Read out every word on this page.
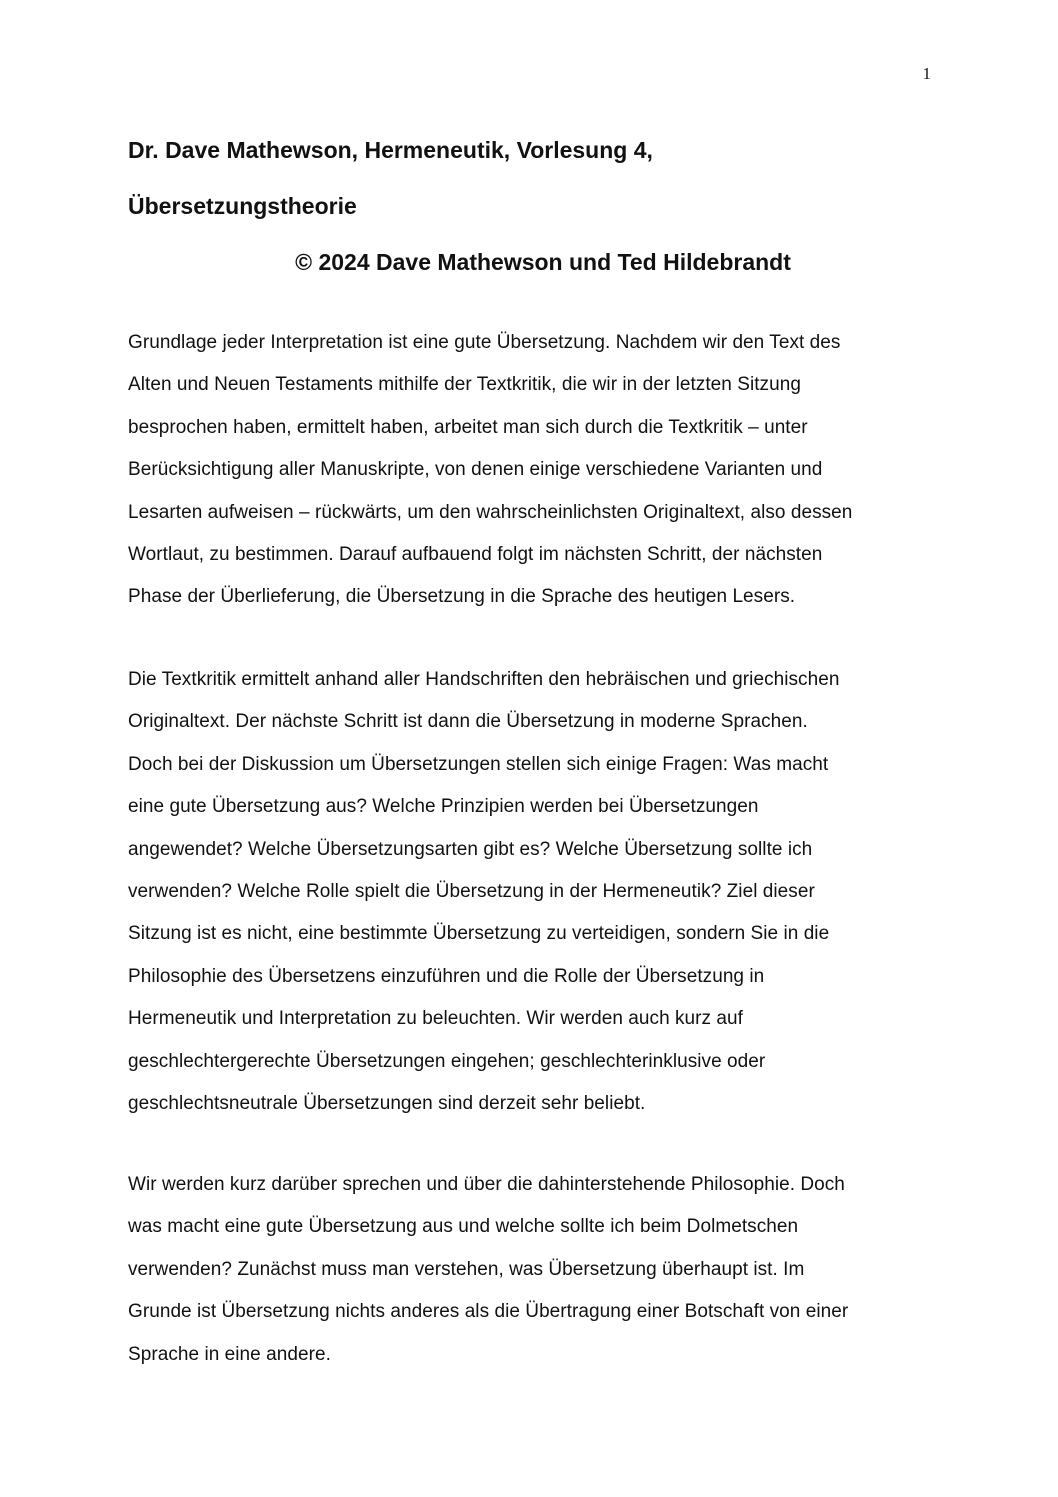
1
Dr. Dave Mathewson, Hermeneutik, Vorlesung 4,
Übersetzungstheorie
© 2024 Dave Mathewson und Ted Hildebrandt
Grundlage jeder Interpretation ist eine gute Übersetzung. Nachdem wir den Text des
Alten und Neuen Testaments mithilfe der Textkritik, die wir in der letzten Sitzung
besprochen haben, ermittelt haben, arbeitet man sich durch die Textkritik – unter
Berücksichtigung aller Manuskripte, von denen einige verschiedene Varianten und
Lesarten aufweisen – rückwärts, um den wahrscheinlichsten Originaltext, also dessen
Wortlaut, zu bestimmen. Darauf aufbauend folgt im nächsten Schritt, der nächsten
Phase der Überlieferung, die Übersetzung in die Sprache des heutigen Lesers.
Die Textkritik ermittelt anhand aller Handschriften den hebräischen und griechischen
Originaltext. Der nächste Schritt ist dann die Übersetzung in moderne Sprachen.
Doch bei der Diskussion um Übersetzungen stellen sich einige Fragen: Was macht
eine gute Übersetzung aus? Welche Prinzipien werden bei Übersetzungen
angewendet? Welche Übersetzungsarten gibt es? Welche Übersetzung sollte ich
verwenden? Welche Rolle spielt die Übersetzung in der Hermeneutik? Ziel dieser
Sitzung ist es nicht, eine bestimmte Übersetzung zu verteidigen, sondern Sie in die
Philosophie des Übersetzens einzuführen und die Rolle der Übersetzung in
Hermeneutik und Interpretation zu beleuchten. Wir werden auch kurz auf
geschlechtergerechte Übersetzungen eingehen; geschlechterinklusive oder
geschlechtsneutrale Übersetzungen sind derzeit sehr beliebt.
Wir werden kurz darüber sprechen und über die dahinterstehende Philosophie. Doch
was macht eine gute Übersetzung aus und welche sollte ich beim Dolmetschen
verwenden? Zunächst muss man verstehen, was Übersetzung überhaupt ist. Im
Grunde ist Übersetzung nichts anderes als die Übertragung einer Botschaft von einer
Sprache in eine andere.
